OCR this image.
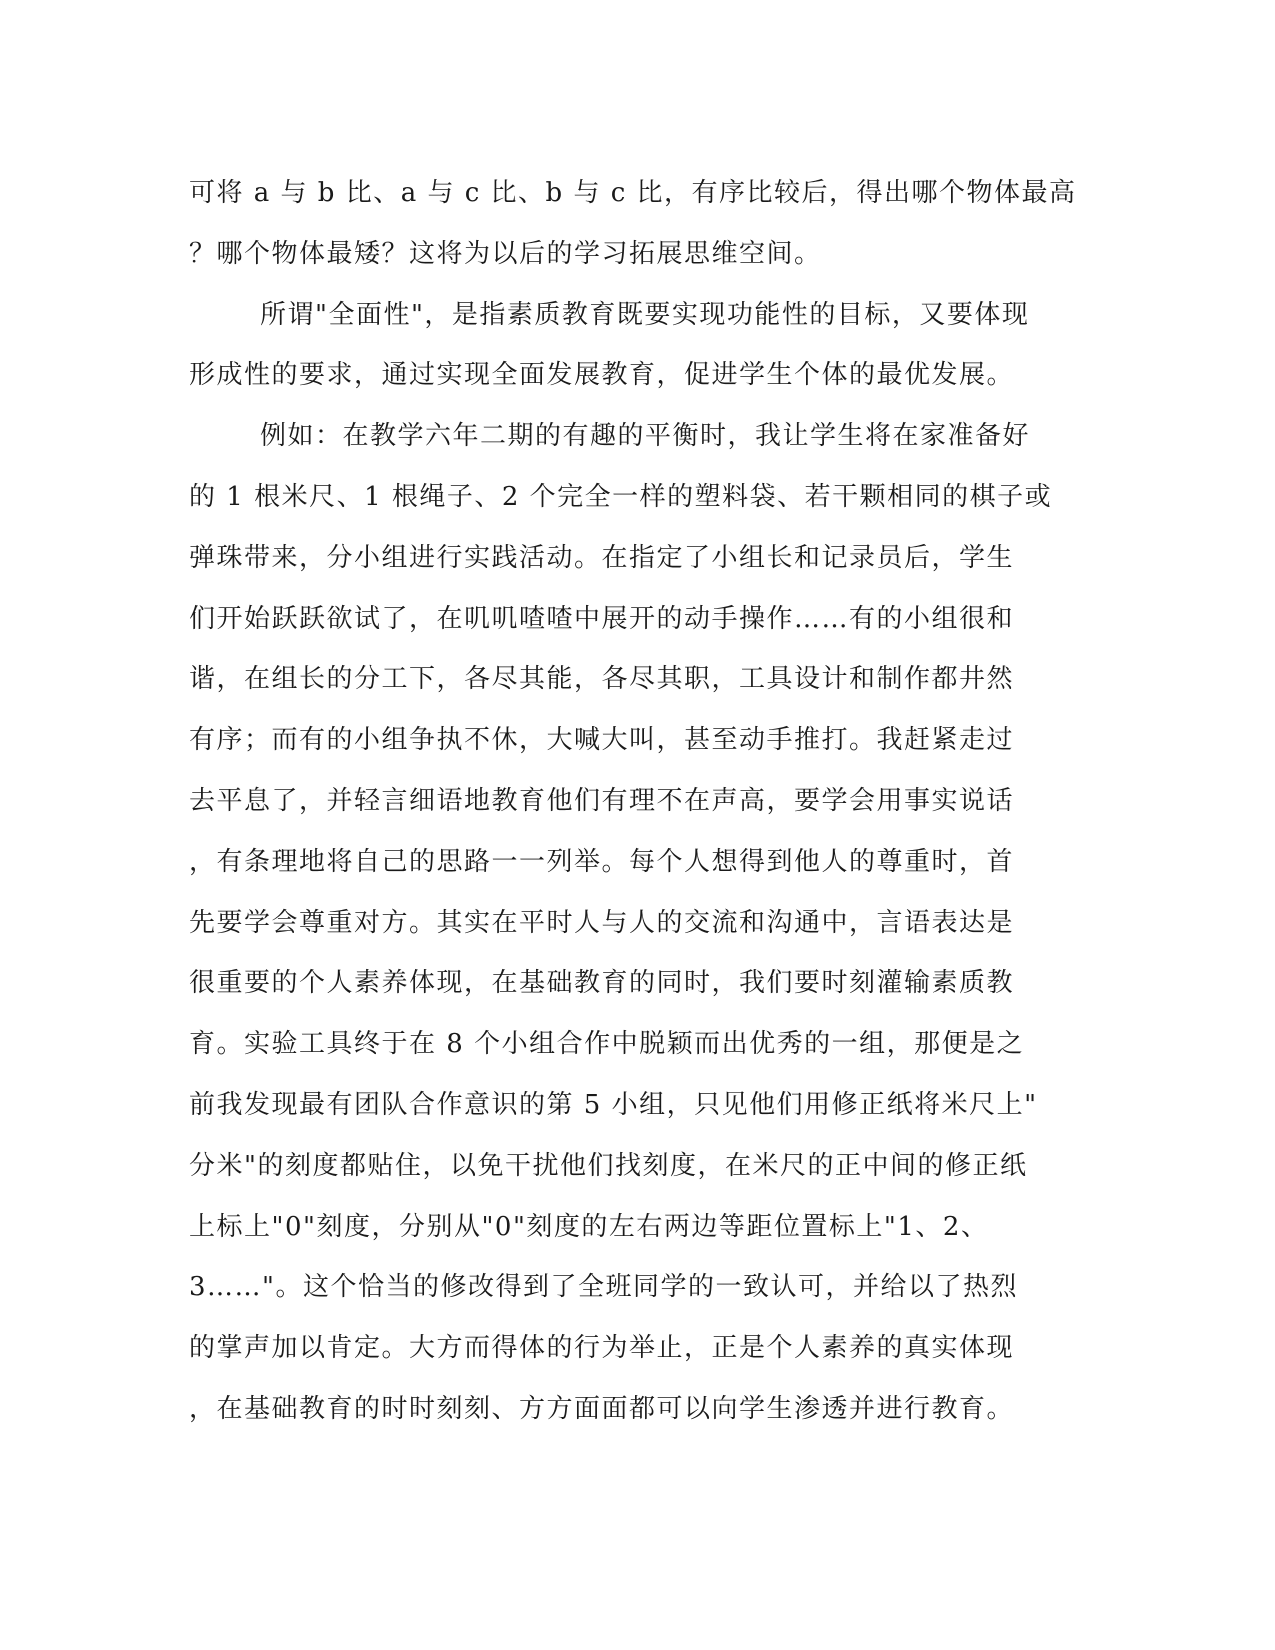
可将 a 与 b 比、a 与 c 比、b 与 c 比，有序比较后，得出哪个物体最高
？哪个物体最矮？这将为以后的学习拓展思维空间。
所谓"全面性"，是指素质教育既要实现功能性的目标，又要体现
形成性的要求，通过实现全面发展教育，促进学生个体的最优发展。
例如：在教学六年二期的有趣的平衡时，我让学生将在家准备好
的 1 根米尺、1 根绳子、2 个完全一样的塑料袋、若干颗相同的棋子或
弹珠带来，分小组进行实践活动。在指定了小组长和记录员后，学生
们开始跃跃欲试了，在叽叽喳喳中展开的动手操作……有的小组很和
谐，在组长的分工下，各尽其能，各尽其职，工具设计和制作都井然
有序；而有的小组争执不休，大喊大叫，甚至动手推打。我赶紧走过
去平息了，并轻言细语地教育他们有理不在声高，要学会用事实说话
，有条理地将自己的思路一一列举。每个人想得到他人的尊重时，首
先要学会尊重对方。其实在平时人与人的交流和沟通中，言语表达是
很重要的个人素养体现，在基础教育的同时，我们要时刻灌输素质教
育。实验工具终于在 8 个小组合作中脱颖而出优秀的一组，那便是之
前我发现最有团队合作意识的第 5 小组，只见他们用修正纸将米尺上"
分米"的刻度都贴住，以免干扰他们找刻度，在米尺的正中间的修正纸
上标上"0"刻度，分别从"0"刻度的左右两边等距位置标上"1、2、
3……"。这个恰当的修改得到了全班同学的一致认可，并给以了热烈
的掌声加以肯定。大方而得体的行为举止，正是个人素养的真实体现
，在基础教育的时时刻刻、方方面面都可以向学生渗透并进行教育。
